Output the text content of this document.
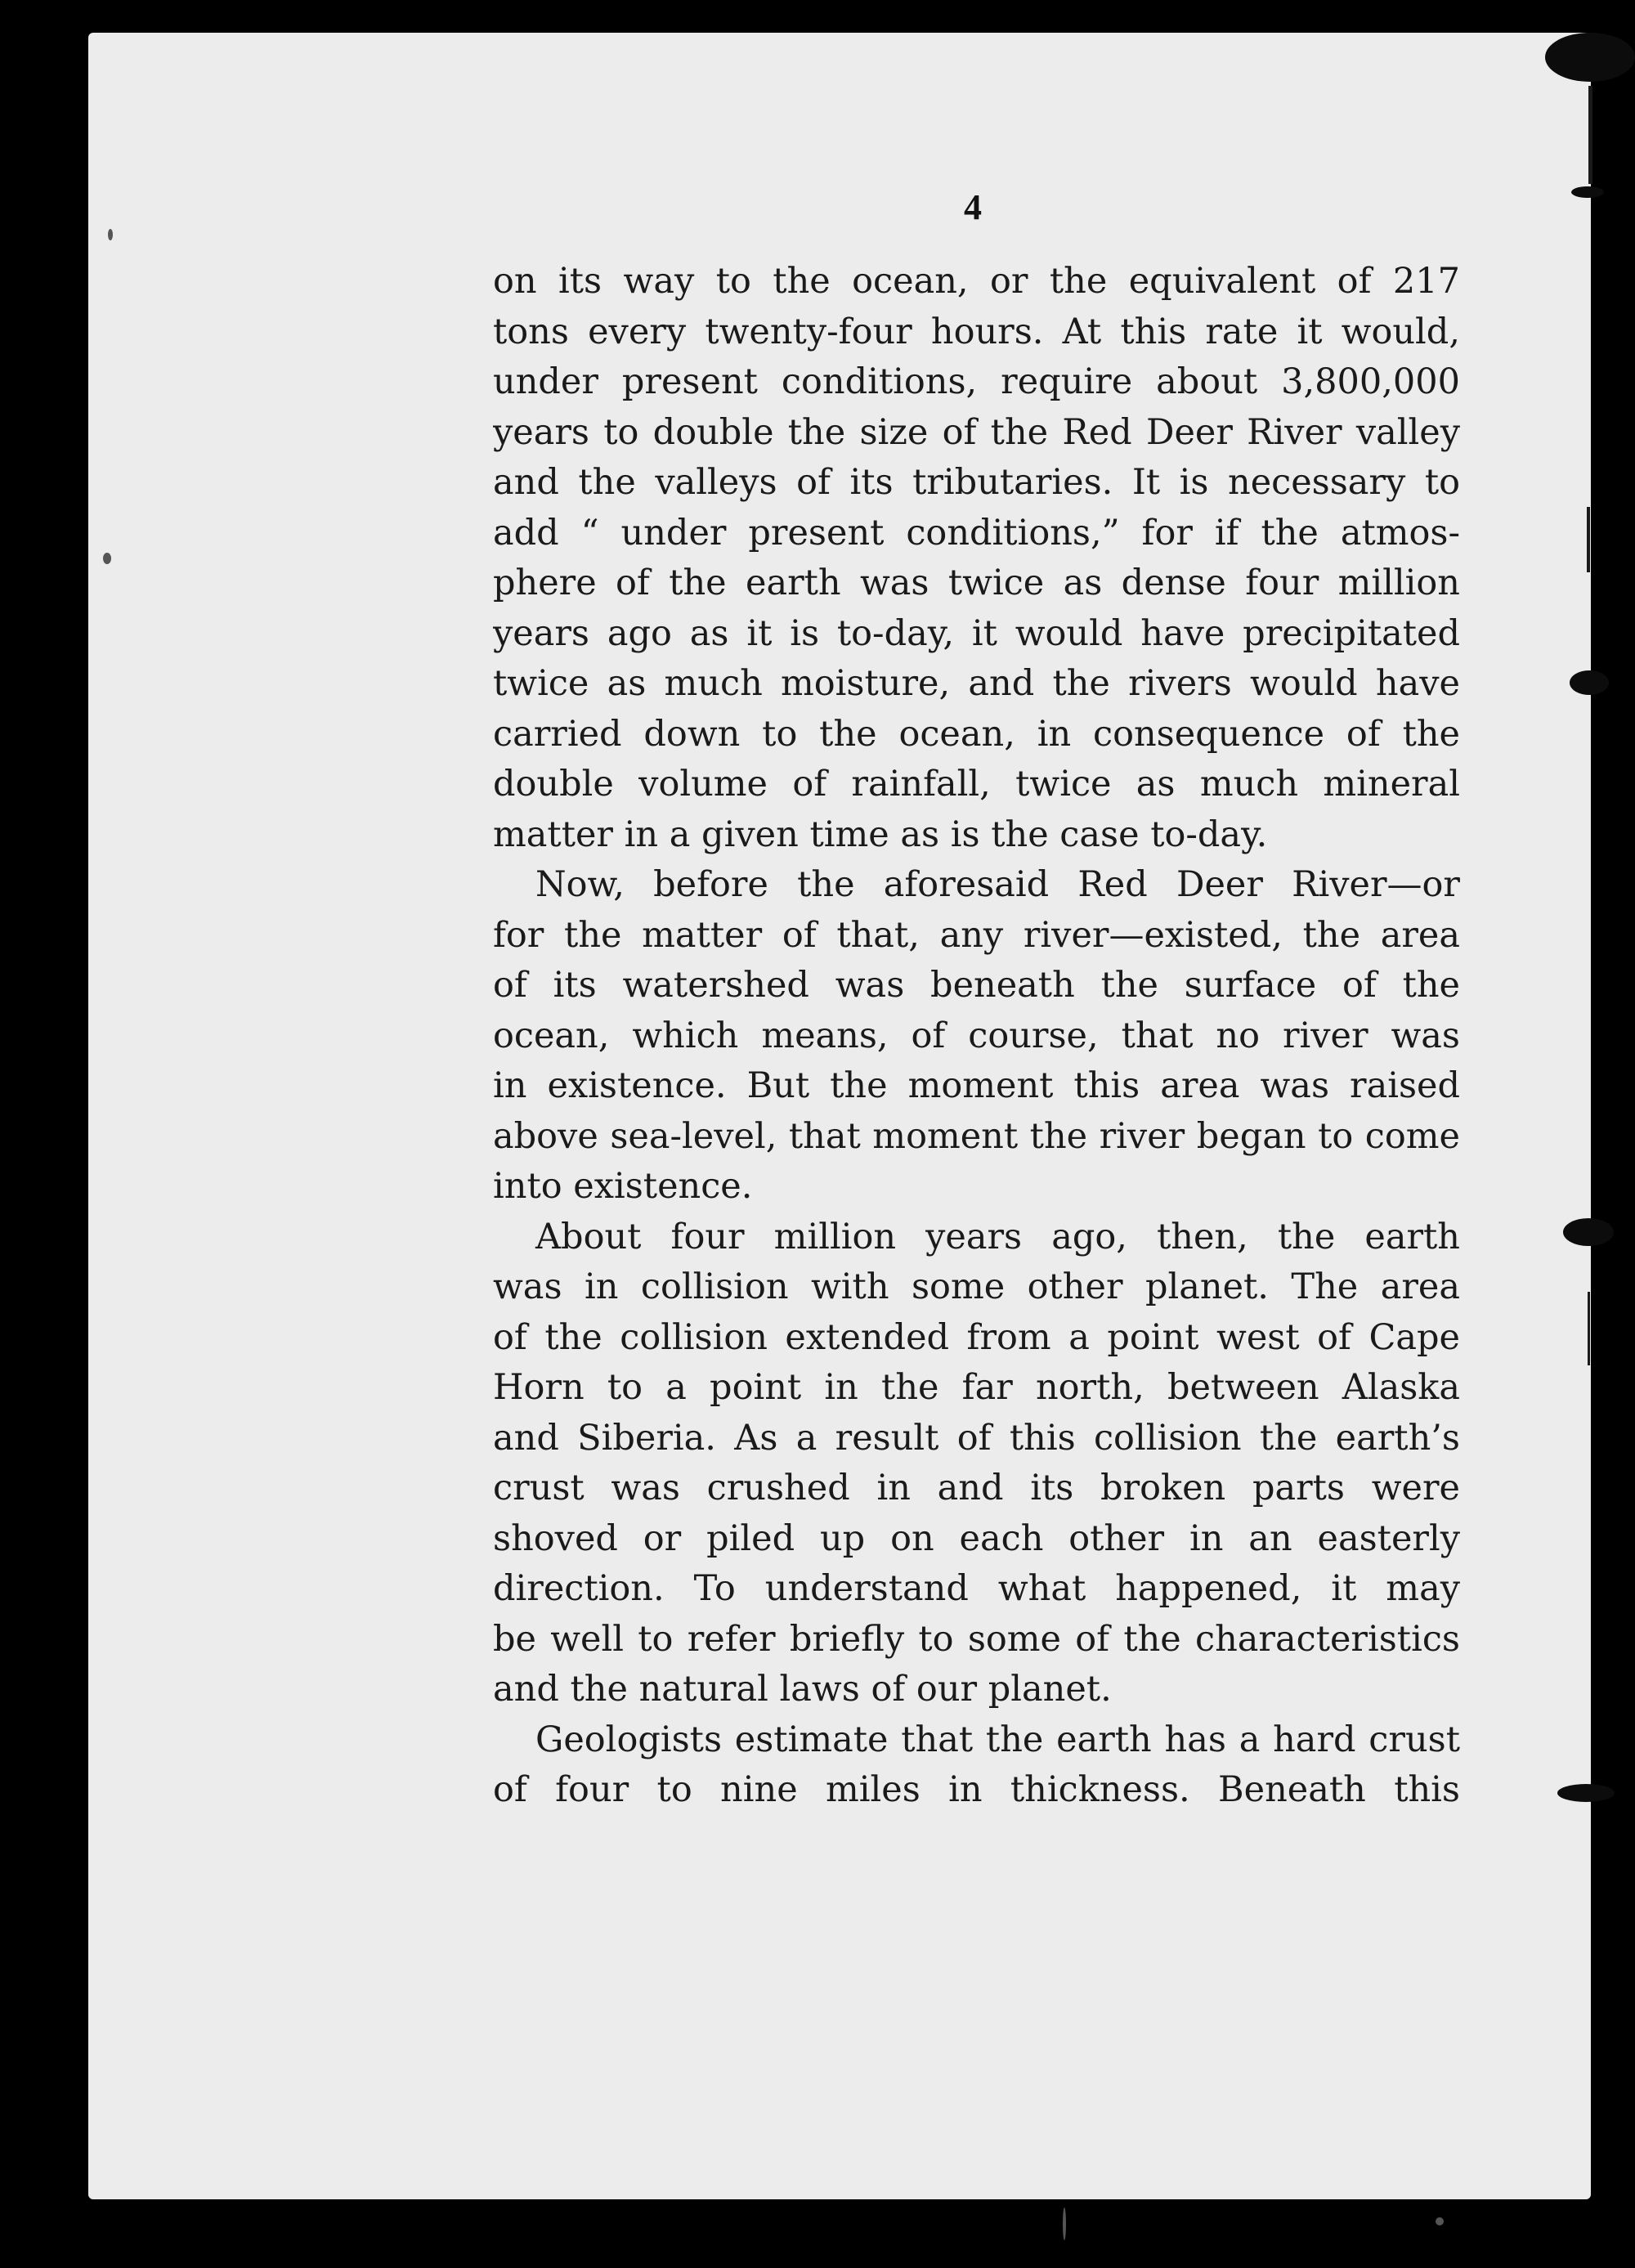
4
on its way to the ocean, or the equivalent of 217
tons every twenty-four hours. At this rate it would,
under present conditions, require about 3,800,000
years to double the size of the Red Deer River valley
and the valleys of its tributaries. It is necessary to
add “ under present conditions,” for if the atmos-
phere of the earth was twice as dense four million
years ago as it is to-day, it would have precipitated
twice as much moisture, and the rivers would have
carried down to the ocean, in consequence of the
double volume of rainfall, twice as much mineral
matter in a given time as is the case to-day.
Now, before the aforesaid Red Deer River—or
for the matter of that, any river—existed, the area
of its watershed was beneath the surface of the
ocean, which means, of course, that no river was
in existence. But the moment this area was raised
above sea-level, that moment the river began to come
into existence.
About four million years ago, then, the earth
was in collision with some other planet. The area
of the collision extended from a point west of Cape
Horn to a point in the far north, between Alaska
and Siberia. As a result of this collision the earth’s
crust was crushed in and its broken parts were
shoved or piled up on each other in an easterly
direction. To understand what happened, it may
be well to refer briefly to some of the characteristics
and the natural laws of our planet.
Geologists estimate that the earth has a hard crust
of four to nine miles in thickness. Beneath this
